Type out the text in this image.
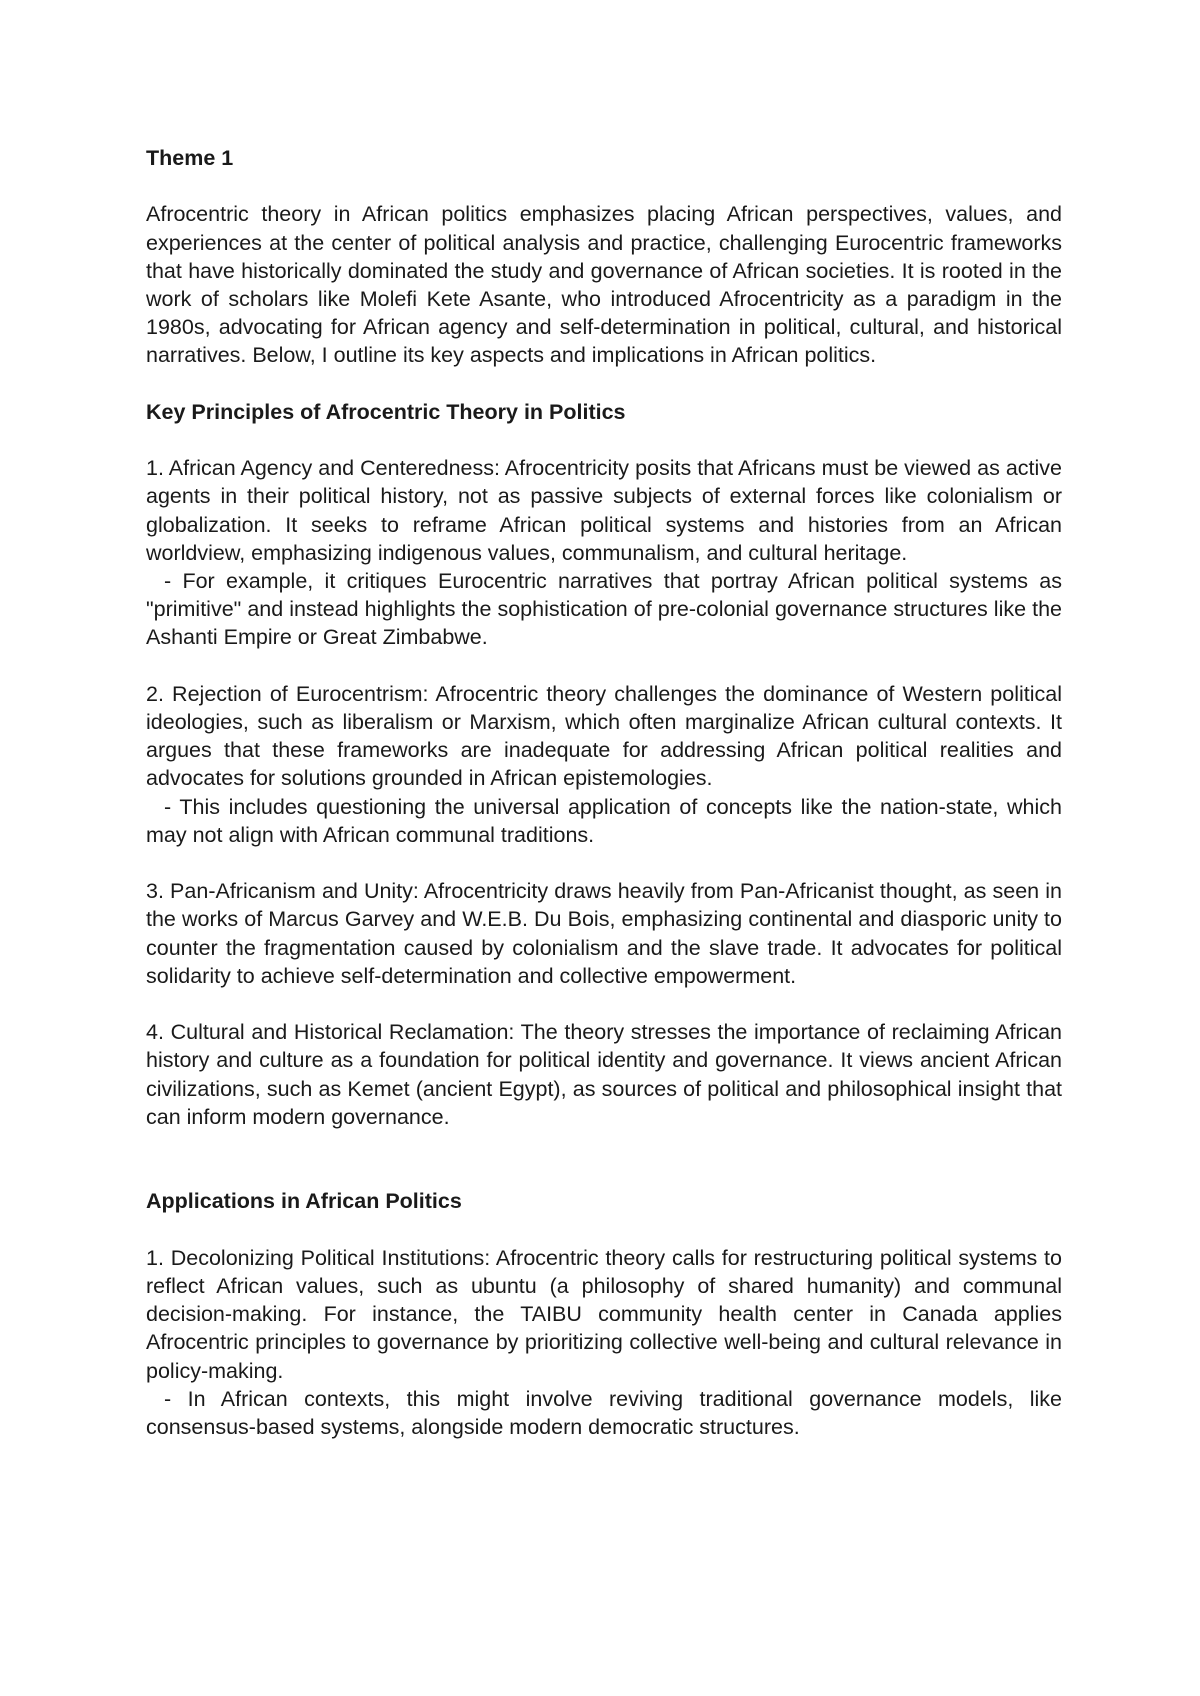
Theme 1

Afrocentric theory in African politics emphasizes placing African perspectives, values, and experiences at the center of political analysis and practice, challenging Eurocentric frameworks that have historically dominated the study and governance of African societies. It is rooted in the work of scholars like Molefi Kete Asante, who introduced Afrocentricity as a paradigm in the 1980s, advocating for African agency and self-determination in political, cultural, and historical narratives. Below, I outline its key aspects and implications in African politics.

Key Principles of Afrocentric Theory in Politics

1. African Agency and Centeredness: Afrocentricity posits that Africans must be viewed as active agents in their political history, not as passive subjects of external forces like colonialism or globalization. It seeks to reframe African political systems and histories from an African worldview, emphasizing indigenous values, communalism, and cultural heritage.

- For example, it critiques Eurocentric narratives that portray African political systems as "primitive" and instead highlights the sophistication of pre-colonial governance structures like the Ashanti Empire or Great Zimbabwe.

2. Rejection of Eurocentrism: Afrocentric theory challenges the dominance of Western political ideologies, such as liberalism or Marxism, which often marginalize African cultural contexts. It argues that these frameworks are inadequate for addressing African political realities and advocates for solutions grounded in African epistemologies.

- This includes questioning the universal application of concepts like the nation-state, which may not align with African communal traditions.

3. Pan-Africanism and Unity: Afrocentricity draws heavily from Pan-Africanist thought, as seen in the works of Marcus Garvey and W.E.B. Du Bois, emphasizing continental and diasporic unity to counter the fragmentation caused by colonialism and the slave trade. It advocates for political solidarity to achieve self-determination and collective empowerment.

4. Cultural and Historical Reclamation: The theory stresses the importance of reclaiming African history and culture as a foundation for political identity and governance. It views ancient African civilizations, such as Kemet (ancient Egypt), as sources of political and philosophical insight that can inform modern governance.

Applications in African Politics

1. Decolonizing Political Institutions: Afrocentric theory calls for restructuring political systems to reflect African values, such as ubuntu (a philosophy of shared humanity) and communal decision-making. For instance, the TAIBU community health center in Canada applies Afrocentric principles to governance by prioritizing collective well-being and cultural relevance in policy-making.

- In African contexts, this might involve reviving traditional governance models, like consensus-based systems, alongside modern democratic structures.
